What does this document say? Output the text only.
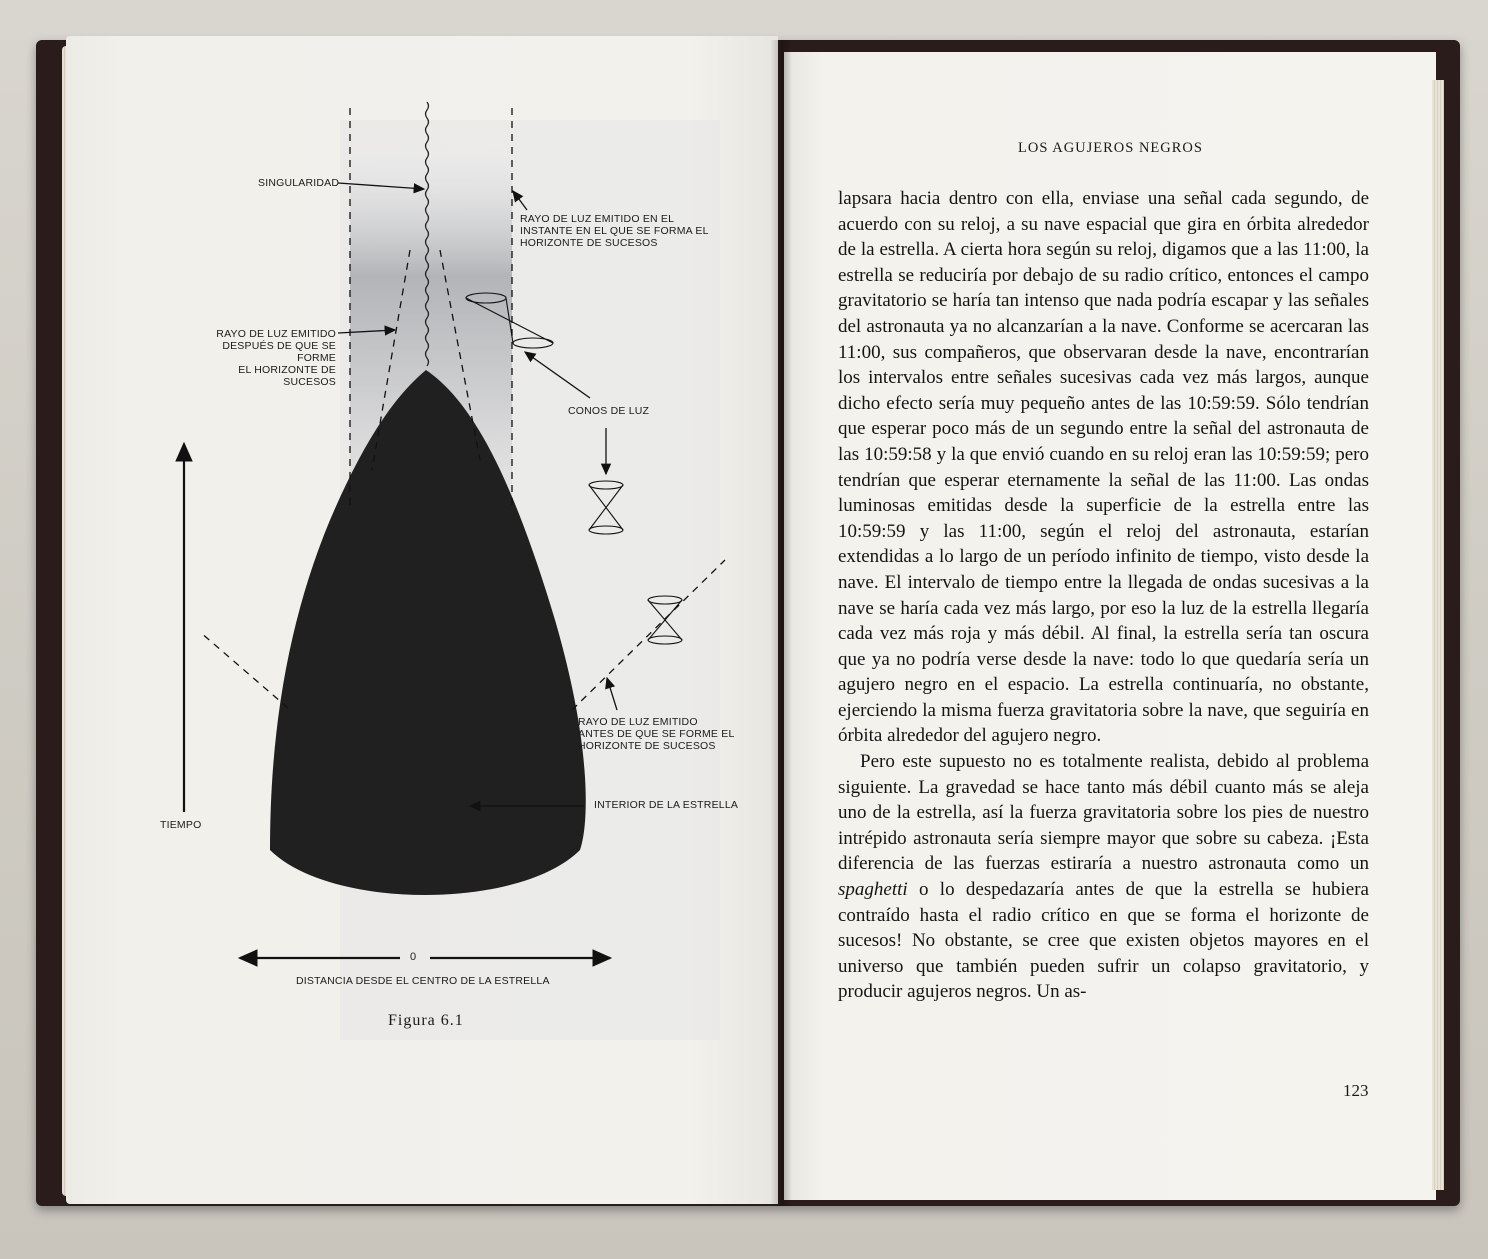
SINGULARIDAD
RAYO DE LUZ EMITIDO EN EL
INSTANTE EN EL QUE SE FORMA EL
HORIZONTE DE SUCESOS
RAYO DE LUZ EMITIDO
DESPUÉS DE QUE SE FORME
EL HORIZONTE DE SUCESOS
CONOS DE LUZ
RAYO DE LUZ EMITIDO
ANTES DE QUE SE FORME EL
HORIZONTE DE SUCESOS
INTERIOR DE LA ESTRELLA
TIEMPO
0
DISTANCIA DESDE EL CENTRO DE LA ESTRELLA
Figura 6.1
LOS AGUJEROS NEGROS

lapsara hacia dentro con ella, enviase una señal cada segundo, de acuerdo con su reloj, a su nave espacial que gira en órbita alrededor de la estrella. A cierta hora según su reloj, digamos que a las 11:00, la estrella se reduciría por debajo de su radio crítico, entonces el campo gravitatorio se haría tan intenso que nada podría escapar y las señales del astronauta ya no alcanzarían a la nave. Conforme se acercaran las 11:00, sus compañeros, que observaran desde la nave, encontrarían los intervalos entre señales sucesivas cada vez más largos, aunque dicho efecto sería muy pequeño antes de las 10:59:59. Sólo tendrían que esperar poco más de un segundo entre la señal del astronauta de las 10:59:58 y la que envió cuando en su reloj eran las 10:59:59; pero tendrían que esperar eternamente la señal de las 11:00. Las ondas luminosas emitidas desde la superficie de la estrella entre las 10:59:59 y las 11:00, según el reloj del astronauta, estarían extendidas a lo largo de un período infinito de tiempo, visto desde la nave. El intervalo de tiempo entre la llegada de ondas sucesivas a la nave se haría cada vez más largo, por eso la luz de la estrella llegaría cada vez más roja y más débil. Al final, la estrella sería tan oscura que ya no podría verse desde la nave: todo lo que quedaría sería un agujero negro en el espacio. La estrella continuaría, no obstante, ejerciendo la misma fuerza gravitatoria sobre la nave, que seguiría en órbita alrededor del agujero negro.

Pero este supuesto no es totalmente realista, debido al problema siguiente. La gravedad se hace tanto más débil cuanto más se aleja uno de la estrella, así la fuerza gravitatoria sobre los pies de nuestro intrépido astronauta sería siempre mayor que sobre su cabeza. ¡Esta diferencia de las fuerzas estiraría a nuestro astronauta como un spaghetti o lo despedazaría antes de que la estrella se hubiera contraído hasta el radio crítico en que se forma el horizonte de sucesos! No obstante, se cree que existen objetos mayores en el universo que también pueden sufrir un colapso gravitatorio, y producir agujeros negros. Un as-

123
